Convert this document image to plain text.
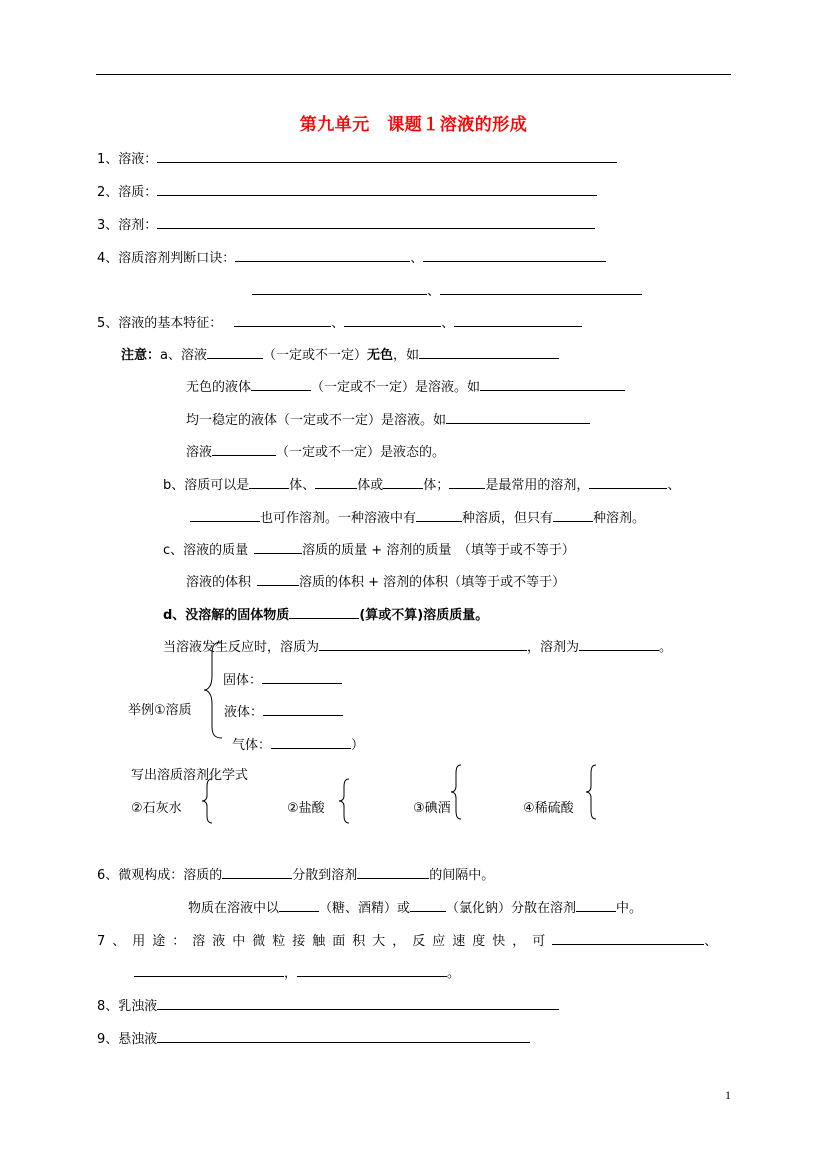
第九单元　课题１溶液的形成
1、溶液：
2、溶质：
3、溶剂：
4、溶质溶剂判断口诀：	、
、
5、溶液的基本特征：	、	、
注意：a、溶液	（一定或不一定）无色，如
无色的液体	（一定或不一定）是溶液。如
均一稳定的液体（一定或不一定）是溶液。如
溶液	（一定或不一定）是液态的。
b、溶质可以是	体、	体或	体；	是最常用的溶剂，	、
也可作溶剂。一种溶液中有	种溶质，但只有	种溶剂。
c、溶液的质量	溶质的质量 + 溶剂的质量　（填等于或不等于）
溶液的体积	溶质的体积 + 溶剂的体积（填等于或不等于）
d、没溶解的固体物质	(算或不算)溶质质量。
当溶液发生反应时，溶质为	，溶剂为	。
固体：
举例①溶质 液体：
气体：	）
写出溶质溶剂化学式
②石灰水	②盐酸	③碘酒	④稀硫酸
6、微观构成：溶质的	分散到溶剂	的间隔中。
物质在溶液中以	（糖、酒精）或	（氯化钠）分散在溶剂	中。
7、用途：溶液中微粒接触面积大，反应速度快，可	、
，	。
8、乳浊液
9、悬浊液
1
